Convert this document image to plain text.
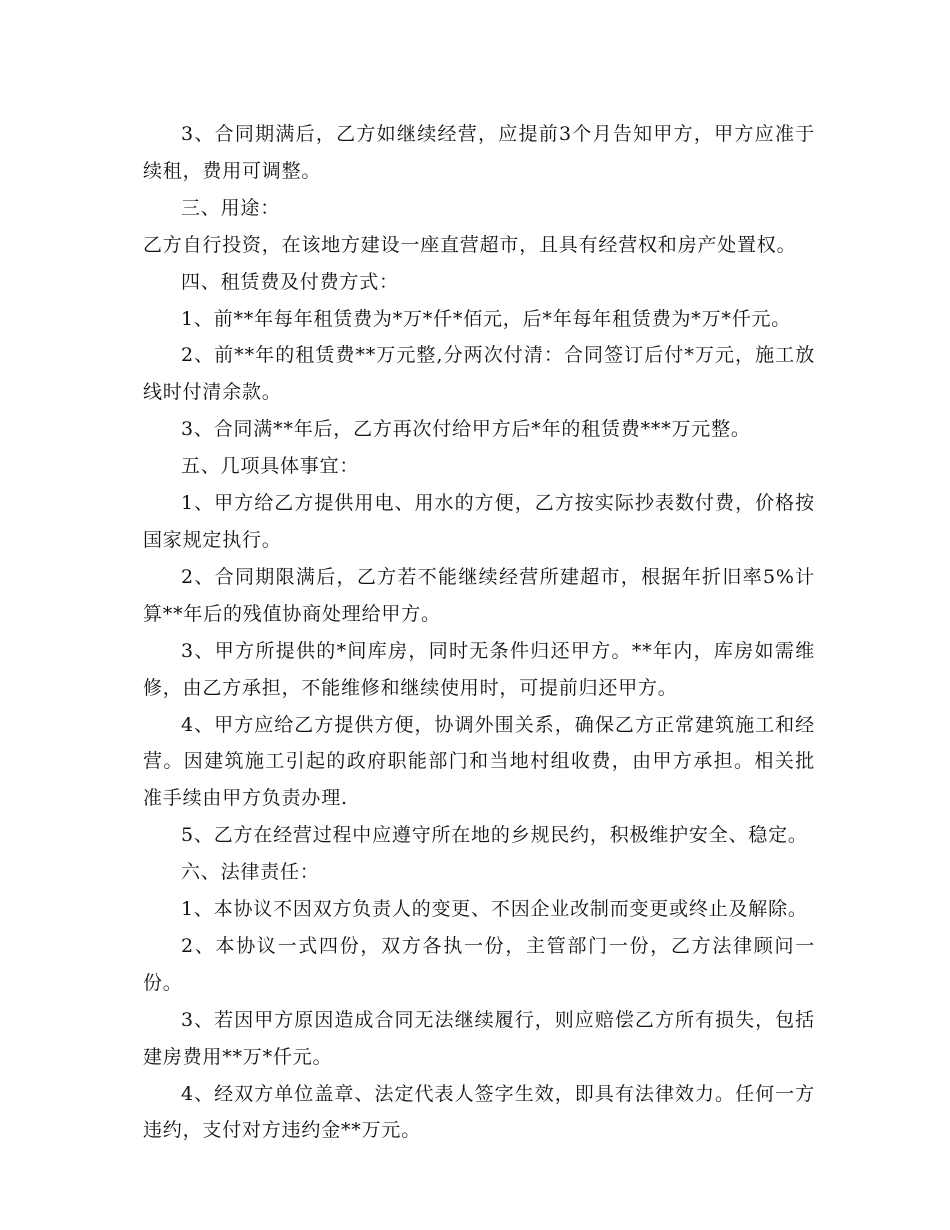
3、合同期满后，乙方如继续经营，应提前3个月告知甲方，甲方应准于续租，费用可调整。

三、用途：

乙方自行投资，在该地方建设一座直营超市，且具有经营权和房产处置权。

四、租赁费及付费方式：

1、前**年每年租赁费为*万*仟*佰元，后*年每年租赁费为*万*仟元。

2、前**年的租赁费**万元整,分两次付清：合同签订后付*万元，施工放线时付清余款。

3、合同满**年后，乙方再次付给甲方后*年的租赁费***万元整。

五、几项具体事宜：

1、甲方给乙方提供用电、用水的方便，乙方按实际抄表数付费，价格按国家规定执行。

2、合同期限满后，乙方若不能继续经营所建超市，根据年折旧率5%计算**年后的残值协商处理给甲方。

3、甲方所提供的*间库房，同时无条件归还甲方。**年内，库房如需维修，由乙方承担，不能维修和继续使用时，可提前归还甲方。

4、甲方应给乙方提供方便，协调外围关系，确保乙方正常建筑施工和经营。因建筑施工引起的政府职能部门和当地村组收费，由甲方承担。相关批准手续由甲方负责办理.

5、乙方在经营过程中应遵守所在地的乡规民约，积极维护安全、稳定。

六、法律责任：

1、本协议不因双方负责人的变更、不因企业改制而变更或终止及解除。

2、本协议一式四份，双方各执一份，主管部门一份，乙方法律顾问一份。

3、若因甲方原因造成合同无法继续履行，则应赔偿乙方所有损失，包括建房费用**万*仟元。

4、经双方单位盖章、法定代表人签字生效，即具有法律效力。任何一方违约，支付对方违约金**万元。
